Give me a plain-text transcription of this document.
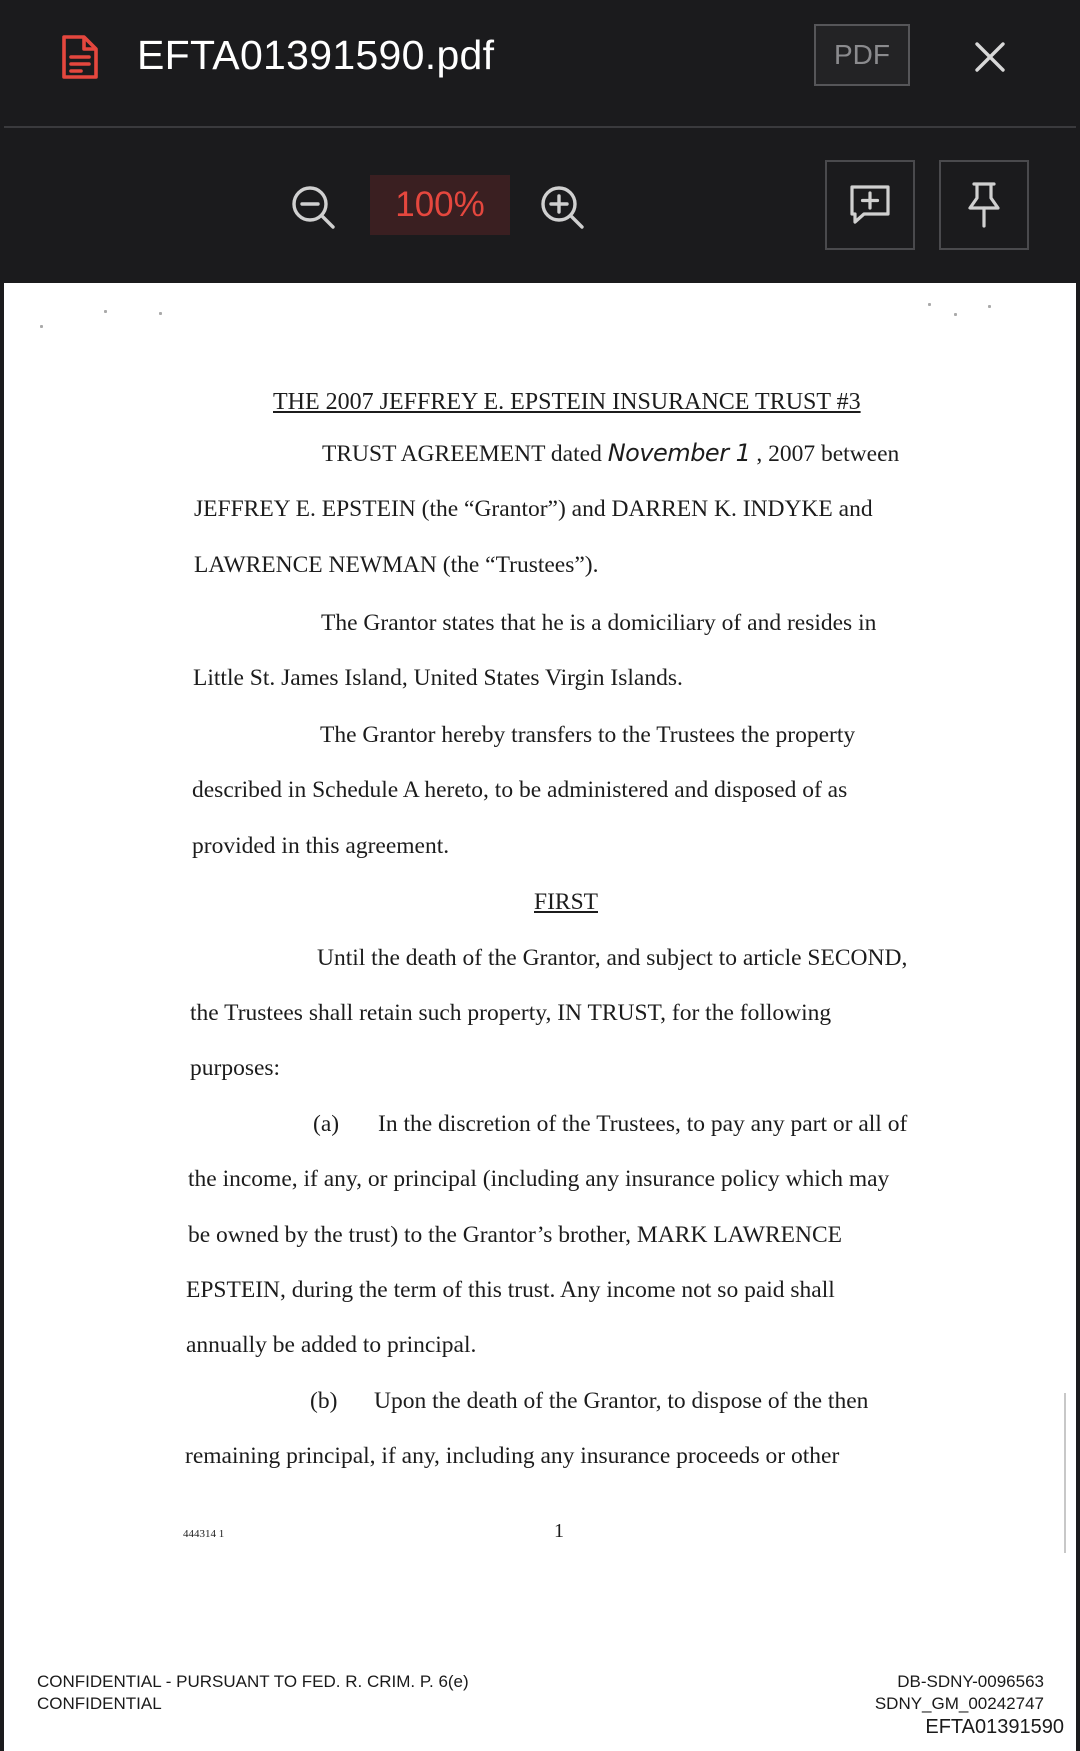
EFTA01391590.pdf	PDF
100%
THE 2007 JEFFREY E. EPSTEIN INSURANCE TRUST #3
TRUST AGREEMENT dated November 1 , 2007 between
JEFFREY E. EPSTEIN (the “Grantor”) and DARREN K. INDYKE and
LAWRENCE NEWMAN (the “Trustees”).
The Grantor states that he is a domiciliary of and resides in
Little St. James Island, United States Virgin Islands.
The Grantor hereby transfers to the Trustees the property
described in Schedule A hereto, to be administered and disposed of as
provided in this agreement.
FIRST
Until the death of the Grantor, and subject to article SECOND,
the Trustees shall retain such property, IN TRUST, for the following
purposes:
(a) In the discretion of the Trustees, to pay any part or all of
the income, if any, or principal (including any insurance policy which may
be owned by the trust) to the Grantor’s brother, MARK LAWRENCE
EPSTEIN, during the term of this trust. Any income not so paid shall
annually be added to principal.
(b) Upon the death of the Grantor, to dispose of the then
remaining principal, if any, including any insurance proceeds or other
444314 1	1
CONFIDENTIAL - PURSUANT TO FED. R. CRIM. P. 6(e)
CONFIDENTIAL
DB-SDNY-0096563
SDNY_GM_00242747
EFTA01391590
